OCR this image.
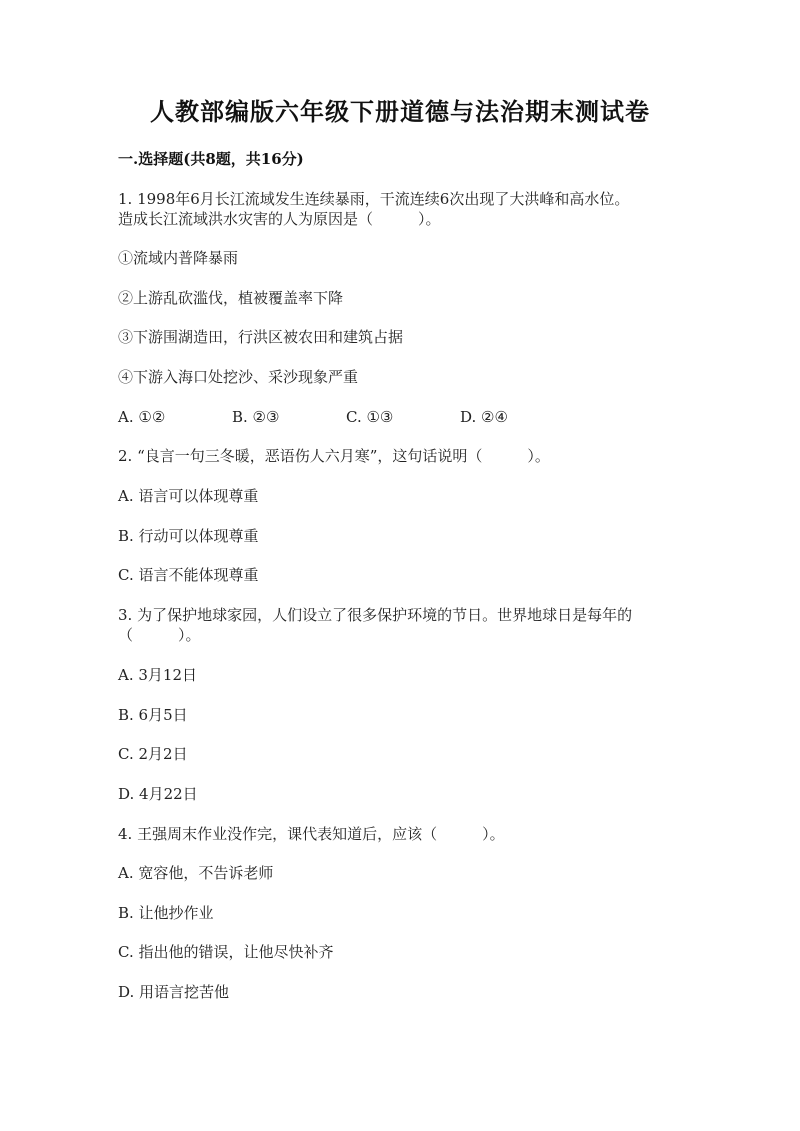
人教部编版六年级下册道德与法治期末测试卷
一.选择题(共8题，共16分)
1. 1998年6月长江流域发生连续暴雨，干流连续6次出现了大洪峰和高水位。
造成长江流域洪水灾害的人为原因是（　　　）。
①流域内普降暴雨
②上游乱砍滥伐，植被覆盖率下降
③下游围湖造田，行洪区被农田和建筑占据
④下游入海口处挖沙、采沙现象严重
A. ①②	B. ②③	C. ①③	D. ②④
2. “良言一句三冬暖，恶语伤人六月寒”，这句话说明（　　　）。
A. 语言可以体现尊重
B. 行动可以体现尊重
C. 语言不能体现尊重
3. 为了保护地球家园，人们设立了很多保护环境的节日。世界地球日是每年的
（　　　）。
A. 3月12日
B. 6月5日
C. 2月2日
D. 4月22日
4. 王强周末作业没作完，课代表知道后，应该（　　　）。
A. 宽容他，不告诉老师
B. 让他抄作业
C. 指出他的错误，让他尽快补齐
D. 用语言挖苦他
